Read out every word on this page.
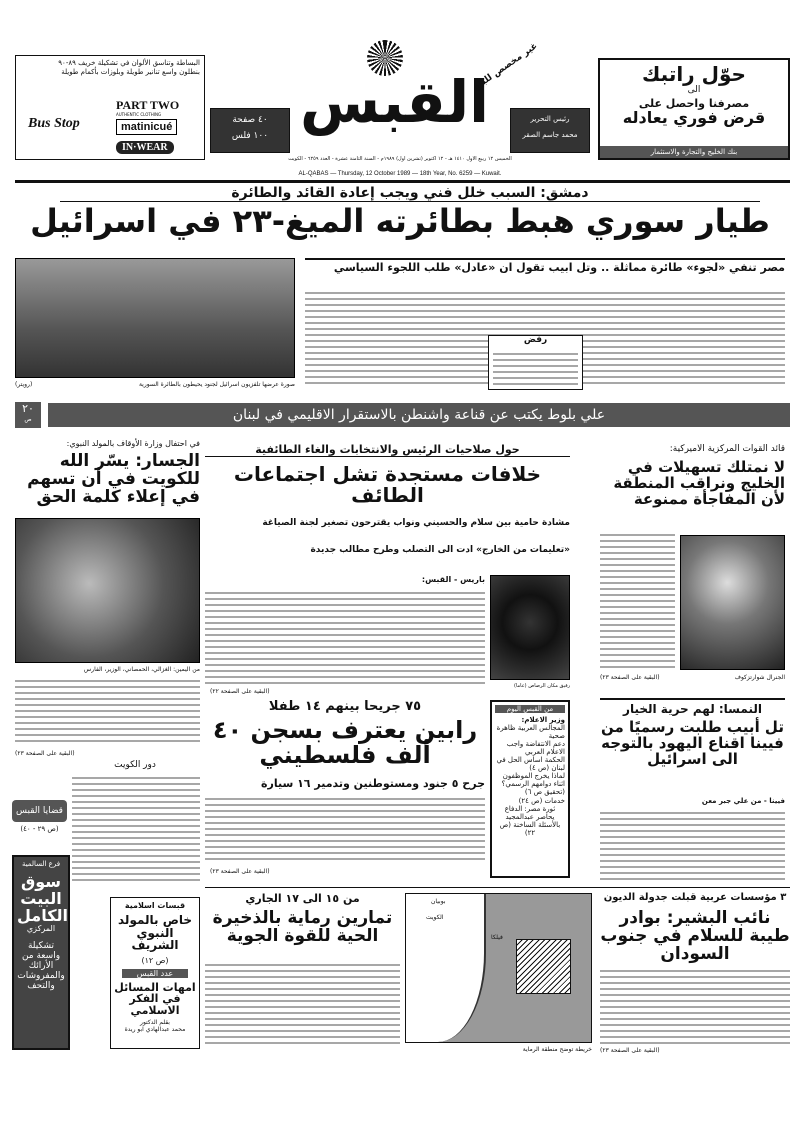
البساطة وتناسق الألوان في تشكيلة خريف ٨٩-٩٠
بنطلون واسع تنانير طويلة وبلوزات بأكمام طويلة
PART TWO
AUTHENTIC CLOTHING
matinicué
IN·WEAR
Bus Stop	٤٠ صفحة
١٠٠ فلس القبس
غير مخصص للبيع
رئيس التحرير
محمد جاسم الصقر
الخميس ١٢ ربيع الاول ١٤١٠ هـ - ١٢ اكتوبر (تشرين اول) ١٩٨٩م - السنة الثامنة عشرة - العدد ٦٢٥٩ - الكويت
AL-QABAS — Thursday, 12 October 1989 — 18th Year, No. 6259 — Kuwait.
حوّل راتبك
الى
مصرفنا واحصل على
قرض فوري يعادله
بنك الخليج والتجارة والاستثمار
دمشق: السبب خلل فني ويجب إعادة القائد والطائرة
طيار سوري هبط بطائرته الميغ-٢٣ في اسرائيل
صورة عرضها تلفزيون اسرائيل لجنود يحيطون بالطائرة السورية
(رويتر)
مصر تنفي «لجوء» طائرة مماثلة .. وتل ابيب تقول ان «عادل» طلب اللجوء السياسي
رفض
٢٠
ص	علي بلوط يكتب عن قناعة واشنطن بالاستقرار الاقليمي في لبنان
في احتفال وزارة الأوقاف بالمولد النبوي:
الجسار: يسّر الله للكويت في أن تسهم في إعلاء كلمة الحق
من اليمين: الغزالي، الحمصاني، الوزير، الفارس
(البقية على الصفحة ٢٣)
دور الكويت
قضايا القبس
(ص ٢٩ - ٤٠)
حول صلاحيات الرئيس والانتخابات والغاء الطائفية
خلافات مستجدة تشل اجتماعات الطائف
مشادة حامية بين سلام والحسيني ونواب يقترحون تصغير لجنة الصياغة
«تعليمات من الخارج» ادت الى التصلب وطرح مطالب جديدة
باريس - القبس:
رفيق مكان الرصاص (عاما)
(البقية على الصفحة ٢٢)
٧٥ جريحا بينهم ١٤ طفلا
رابين يعترف بسجن ٤٠ ألف فلسطيني
جرح ٥ جنود ومستوطنين وتدمير ١٦ سيارة
(البقية على الصفحة ٢٣)
من القبس اليوم
وزير الاعلام:
المجالس العربية ظاهرة صحية
دعم الانتفاضة واجب الاعلام العربي
الحكمة اساس الحل في لبنان (ص ٤)
لماذا يخرج الموظفون اثناء دوامهم الرسمي؟ (تحقيق ص ٦)
خدمات (ص ٢٤)
ثورة مصر: الدفاع يحاصر عبدالمجيد بالأسئلة الساخنة (ص ٢٢)
قائد القوات المركزية الاميركية:
لا نمتلك تسهيلات في الخليج ونراقب المنطقة لأن المفاجأة ممنوعة
الجنرال شوارتزكوف
(البقية على الصفحة ٢٣)
النمسا: لهم حرية الخيار
تل أبيب طلبت رسميًا من فيينا اقناع اليهود بالتوجه الى اسرائيل
فيينا - من علي جبر معن
فرع السالمية
سوق البيت الكامل
المركزي
تشكيلة واسعة من الأرائك والمفروشات والتحف
قبسات اسلامية
خاص بالمولد النبوي الشريف
(ص ١٢)
عدد القبس
امهات المسائل في الفكر الاسلامي
بقلم الدكتور
محمد عبدالهادي ابو ريدة
من ١٥ الى ١٧ الجاري
تمارين رماية بالذخيرة الحية للقوة الجوية
الكويت
فيلكا
بوبيان
خريطة توضح منطقة الرماية
٣ مؤسسات عربية قبلت جدولة الديون
نائب البشير: بوادر طيبة للسلام في جنوب السودان
(البقية على الصفحة ٢٣)
